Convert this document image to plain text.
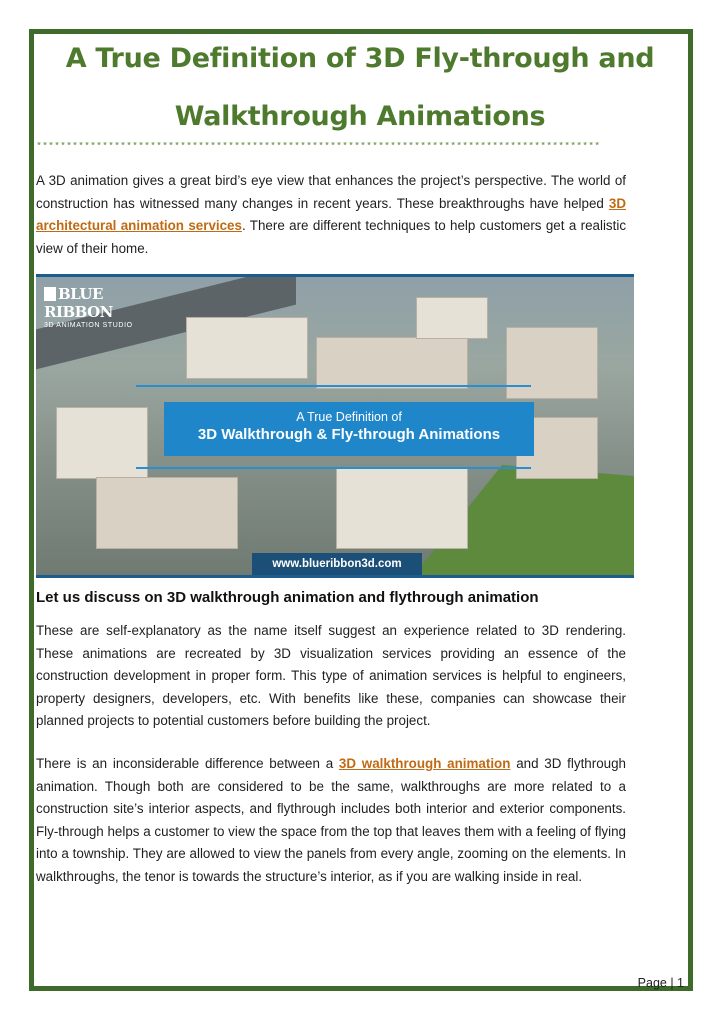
A True Definition of 3D Fly-through and
Walkthrough Animations
**********************************************************************************************

A 3D animation gives a great bird’s eye view that enhances the project’s perspective. The world of construction has witnessed many changes in recent years. These breakthroughs have helped 3D architectural animation services. There are different techniques to help customers get a realistic view of their home.

BLUE RIBBON
3D ANIMATION STUDIO
A True Definition of
3D Walkthrough & Fly-through Animations
www.blueribbon3d.com
Let us discuss on 3D walkthrough animation and flythrough animation

These are self-explanatory as the name itself suggest an experience related to 3D rendering. These animations are recreated by 3D visualization services providing an essence of the construction development in proper form. This type of animation services is helpful to engineers, property designers, developers, etc. With benefits like these, companies can showcase their planned projects to potential customers before building the project.

There is an inconsiderable difference between a 3D walkthrough animation and 3D flythrough animation. Though both are considered to be the same, walkthroughs are more related to a construction site’s interior aspects, and flythrough includes both interior and exterior components. Fly-through helps a customer to view the space from the top that leaves them with a feeling of flying into a township. They are allowed to view the panels from every angle, zooming on the elements. In walkthroughs, the tenor is towards the structure’s interior, as if you are walking inside in real.

Page | 1
